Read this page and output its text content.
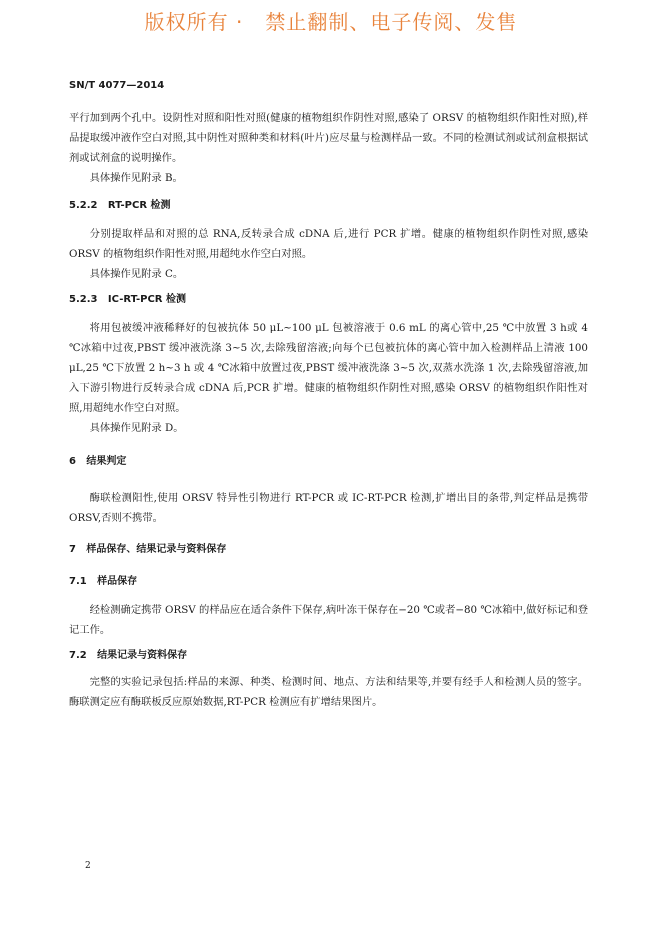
版权所有 ·   禁止翻制、电子传阅、发售
SN/T 4077—2014

平行加到两个孔中。设阴性对照和阳性对照(健康的植物组织作阴性对照,感染了 ORSV 的植物组织作阳性对照),样品提取缓冲液作空白对照,其中阴性对照种类和材料(叶片)应尽量与检测样品一致。不同的检测试剂或试剂盒根据试剂或试剂盒的说明操作。

具体操作见附录 B。

5.2.2   RT-PCR 检测

分别提取样品和对照的总 RNA,反转录合成 cDNA 后,进行 PCR 扩增。健康的植物组织作阴性对照,感染 ORSV 的植物组织作阳性对照,用超纯水作空白对照。

具体操作见附录 C。

5.2.3   IC-RT-PCR 检测

将用包被缓冲液稀释好的包被抗体 50 μL~100 μL 包被溶液于 0.6 mL 的离心管中,25 ℃中放置 3 h或 4 ℃冰箱中过夜,PBST 缓冲液洗涤 3~5 次,去除残留溶液;向每个已包被抗体的离心管中加入检测样品上清液 100 μL,25 ℃下放置 2 h~3 h 或 4 ℃冰箱中放置过夜,PBST 缓冲液洗涤 3~5 次,双蒸水洗涤 1 次,去除残留溶液,加入下游引物进行反转录合成 cDNA 后,PCR 扩增。健康的植物组织作阴性对照,感染 ORSV 的植物组织作阳性对照,用超纯水作空白对照。

具体操作见附录 D。

6   结果判定

酶联检测阳性,使用 ORSV 特异性引物进行 RT-PCR 或 IC-RT-PCR 检测,扩增出目的条带,判定样品是携带 ORSV,否则不携带。

7   样品保存、结果记录与资料保存
7.1   样品保存

经检测确定携带 ORSV 的样品应在适合条件下保存,病叶冻干保存在−20 ℃或者−80 ℃冰箱中,做好标记和登记工作。

7.2   结果记录与资料保存

完整的实验记录包括:样品的来源、种类、检测时间、地点、方法和结果等,并要有经手人和检测人员的签字。酶联测定应有酶联板反应原始数据,RT-PCR 检测应有扩增结果图片。

2
